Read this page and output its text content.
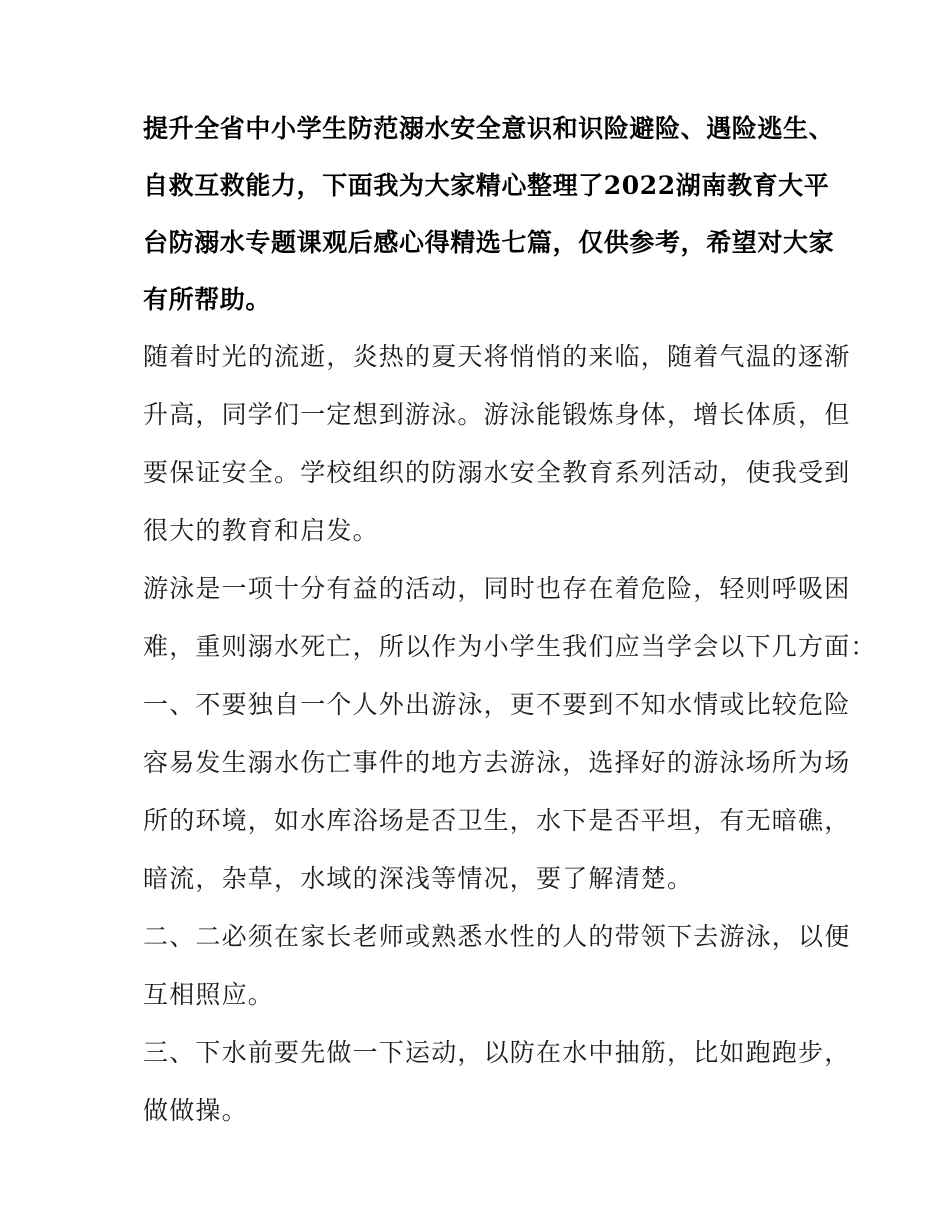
提升全省中小学生防范溺水安全意识和识险避险、遇险逃生、
自救互救能力，下面我为大家精心整理了2022湖南教育大平
台防溺水专题课观后感心得精选七篇，仅供参考，希望对大家
有所帮助。
随着时光的流逝，炎热的夏天将悄悄的来临，随着气温的逐渐
升高，同学们一定想到游泳。游泳能锻炼身体，增长体质，但
要保证安全。学校组织的防溺水安全教育系列活动，使我受到
很大的教育和启发。
游泳是一项十分有益的活动，同时也存在着危险，轻则呼吸困
难，重则溺水死亡，所以作为小学生我们应当学会以下几方面：
一、不要独自一个人外出游泳，更不要到不知水情或比较危险
容易发生溺水伤亡事件的地方去游泳，选择好的游泳场所为场
所的环境，如水库浴场是否卫生，水下是否平坦，有无暗礁，
暗流，杂草，水域的深浅等情况，要了解清楚。
二、二必须在家长老师或熟悉水性的人的带领下去游泳，以便
互相照应。
三、下水前要先做一下运动，以防在水中抽筋，比如跑跑步，
做做操。
